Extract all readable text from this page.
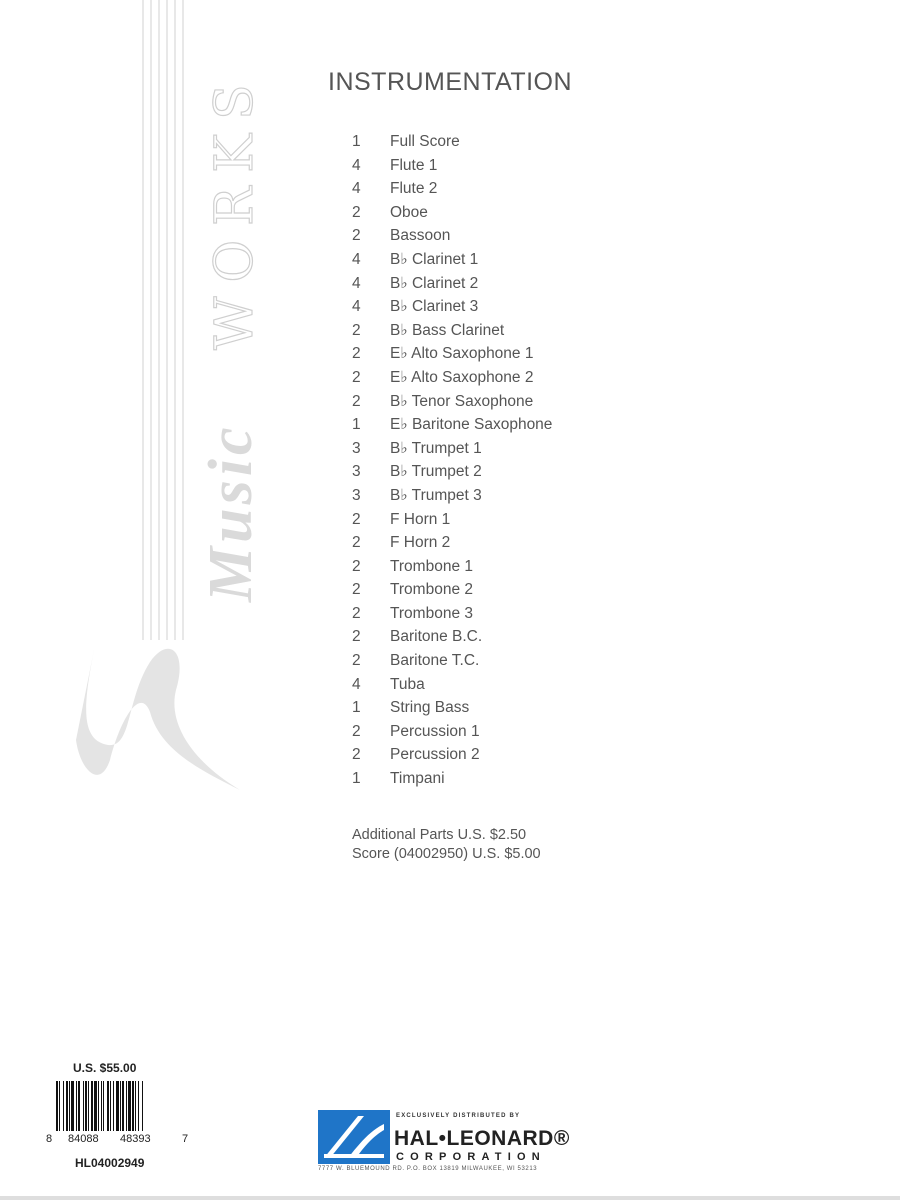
Music
WORKS	INSTRUMENTATION
1	Full Score
4	Flute 1
4	Flute 2
2	Oboe
2	Bassoon
4	B♭ Clarinet 1
4	B♭ Clarinet 2
4	B♭ Clarinet 3
2	B♭ Bass Clarinet
2	E♭ Alto Saxophone 1
2	E♭ Alto Saxophone 2
2	B♭ Tenor Saxophone
1	E♭ Baritone Saxophone
3	B♭ Trumpet 1
3	B♭ Trumpet 2
3	B♭ Trumpet 3
2	F Horn 1
2	F Horn 2
2	Trombone 1
2	Trombone 2
2	Trombone 3
2	Baritone B.C.
2	Baritone T.C.
4	Tuba
1	String Bass
2	Percussion 1
2	Percussion 2
1	Timpani
Additional Parts U.S. $2.50
Score (04002950) U.S. $5.00
U.S. $55.00
8 84088 48393	7
HL04002949
EXCLUSIVELY DISTRIBUTED BY
HAL•LEONARD®
CORPORATION
7777 W. BLUEMOUND RD. P.O. BOX 13819 MILWAUKEE, WI 53213
